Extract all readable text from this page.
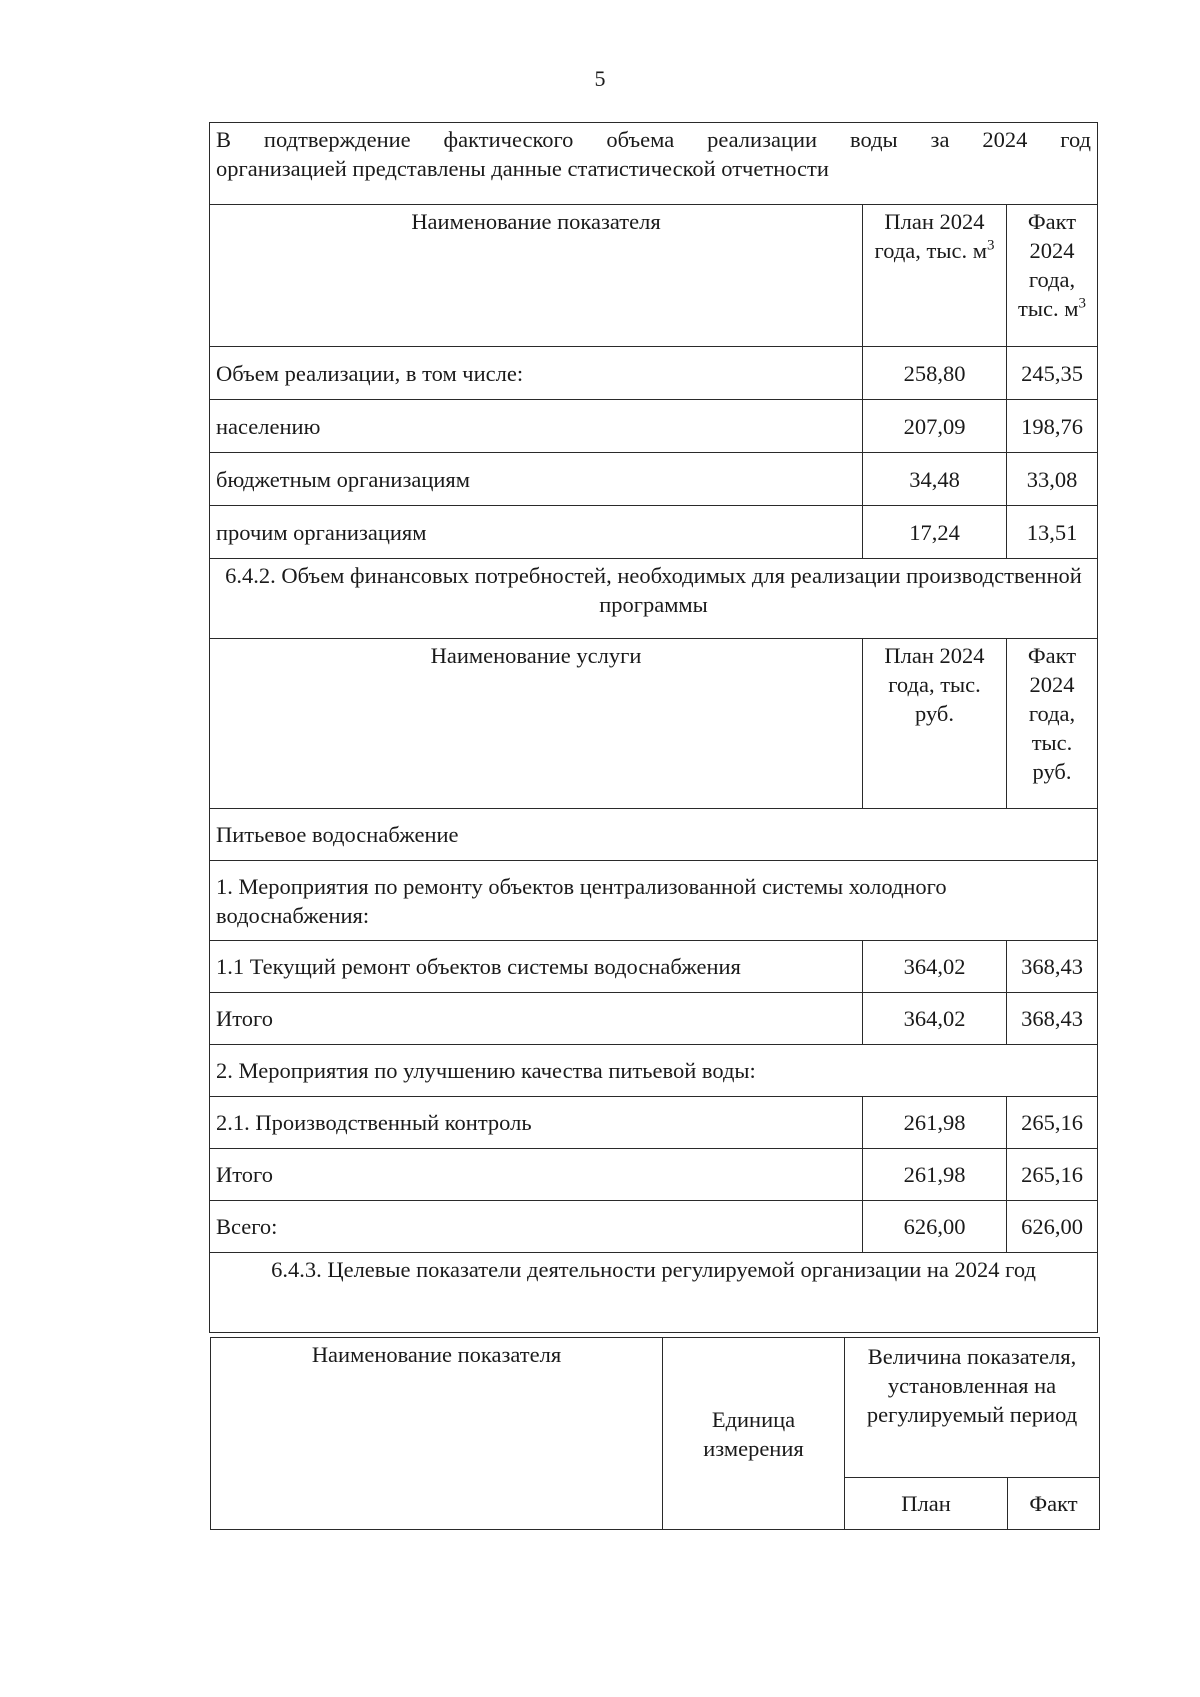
5
В подтверждение фактического объема реализации воды за 2024 год
организацией представлены данные статистической отчетности		

Наименование показателя	План 2024 года, тыс. $м^3$	Факт 2024 года, тыс. $м^3$
Объем реализации, в том числе:	258,80	245,35
населению	207,09	198,76
бюджетным организациям	34,48	33,08
прочим организациям	17,24	13,51
6.4.2. Объем финансовых потребностей, необходимых для реализации производственной программы		
Наименование услуги	План 2024 года, тыс. руб.	Факт 2024 года, тыс. руб.
Питьевое водоснабжение		
1. Мероприятия по ремонту объектов централизованной системы холодного водоснабжения:		
1.1 Текущий ремонт объектов системы водоснабжения	364,02	368,43
Итого	364,02	368,43
2. Мероприятия по улучшению качества питьевой воды:		
2.1. Производственный контроль	261,98	265,16
Итого	261,98	265,16
Всего:	626,00	626,00
6.4.3. Целевые показатели деятельности регулируемой организации на 2024 год		
Наименование показателя	Единица измерения	Величина показателя, установленная на регулируемый период	
		План	Факт
